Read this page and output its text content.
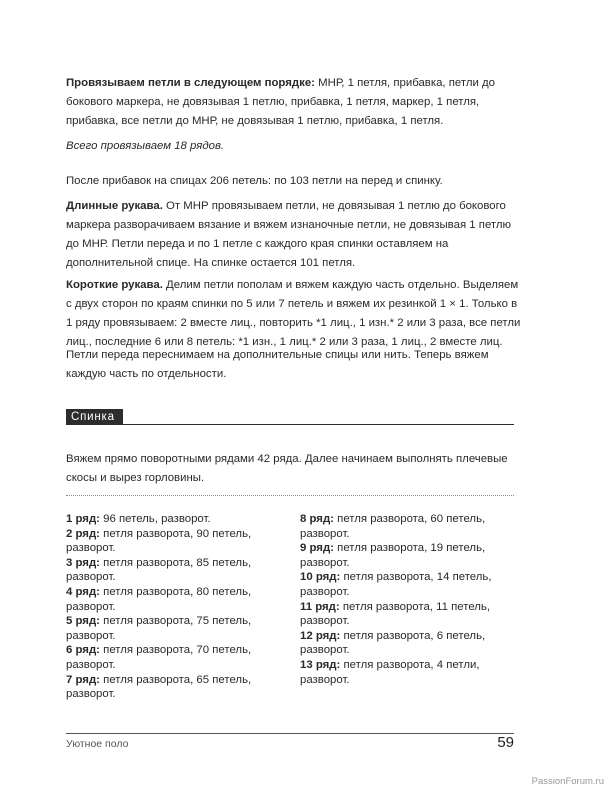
Провязываем петли в следующем порядке: МНР, 1 петля, прибавка, петли до бокового маркера, не довязывая 1 петлю, прибавка, 1 петля, маркер, 1 петля, прибавка, все петли до МНР, не довязывая 1 петлю, прибавка, 1 петля.

Всего провязываем 18 рядов.

После прибавок на спицах 206 петель: по 103 петли на перед и спинку.

Длинные рукава. От МНР провязываем петли, не довязывая 1 петлю до бокового маркера разворачиваем вязание и вяжем изнаночные петли, не довязывая 1 петлю до МНР. Петли переда и по 1 петле с каждого края спинки оставляем на дополнительной спице. На спинке остается 101 петля.

Короткие рукава. Делим петли пополам и вяжем каждую часть отдельно. Выделяем с двух сторон по краям спинки по 5 или 7 петель и вяжем их резинкой 1 × 1. Только в 1 ряду провязываем: 2 вместе лиц., повторить *1 лиц., 1 изн.* 2 или 3 раза, все петли лиц., последние 6 или 8 петель: *1 изн., 1 лиц.* 2 или 3 раза, 1 лиц., 2 вместе лиц.

Петли переда переснимаем на дополнительные спицы или нить. Теперь вяжем каждую часть по отдельности.

Спинка

Вяжем прямо поворотными рядами 42 ряда. Далее начинаем выполнять плечевые скосы и вырез горловины.

1 ряд: 96 петель, разворот.
2 ряд: петля разворота, 90 петель,
разворот.
3 ряд: петля разворота, 85 петель,
разворот.
4 ряд: петля разворота, 80 петель,
разворот.
5 ряд: петля разворота, 75 петель,
разворот.
6 ряд: петля разворота, 70 петель,
разворот.
7 ряд: петля разворота, 65 петель,
разворот.
8 ряд: петля разворота, 60 петель,
разворот.
9 ряд: петля разворота, 19 петель,
разворот.
10 ряд: петля разворота, 14 петель,
разворот.
11 ряд: петля разворота, 11 петель,
разворот.
12 ряд: петля разворота, 6 петель,
разворот.
13 ряд: петля разворота, 4 петли,
разворот.
Уютное поло	59
PassionForum.ru
